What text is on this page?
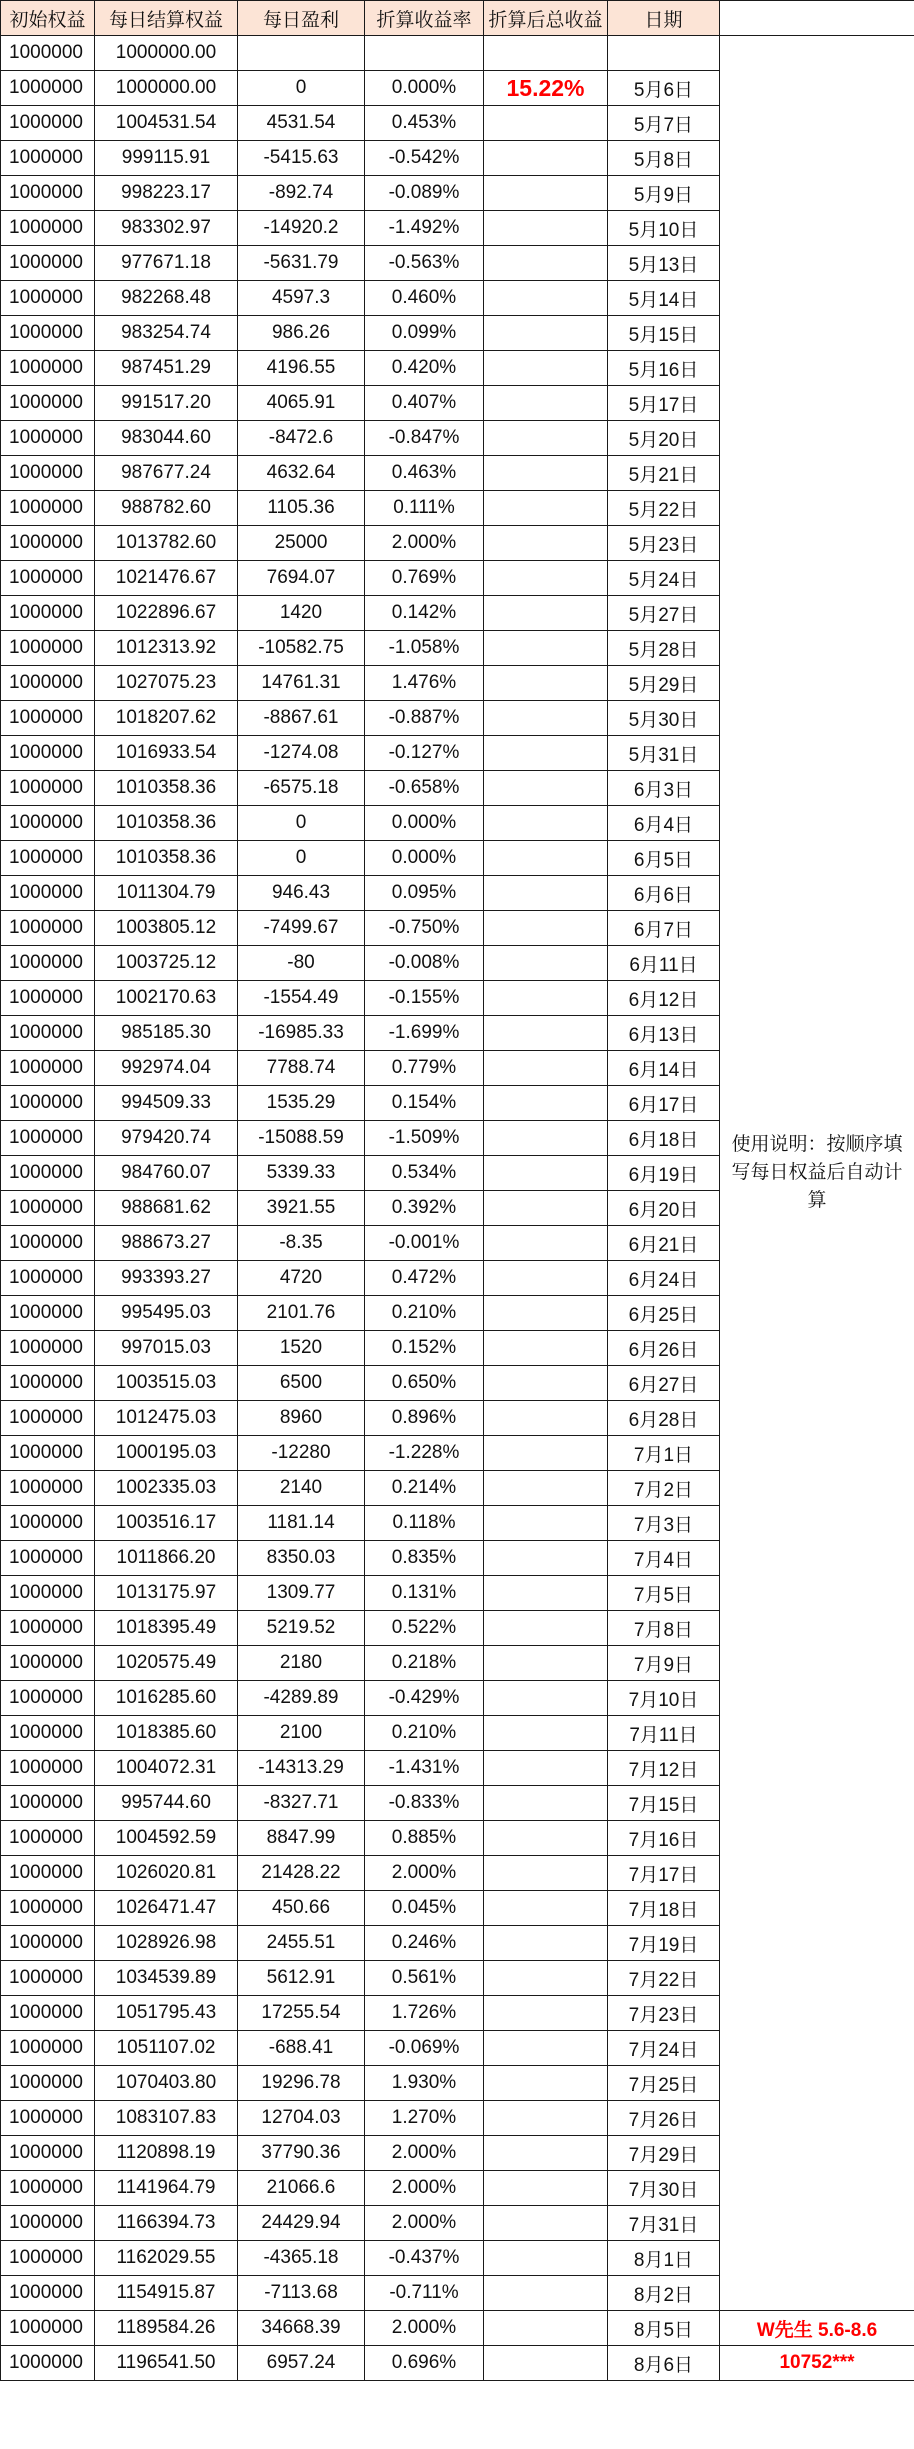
初始权益	每日结算权益	每日盈利	折算收益率	折算后总收益	日期	
1000000	1000000.00					使用说明：按顺序填写每日权益后自动计算
1000000	1000000.00	0	0.000%	15.22%	5月6日	
1000000	1004531.54	4531.54	0.453%		5月7日	
1000000	999115.91	-5415.63	-0.542%		5月8日	
1000000	998223.17	-892.74	-0.089%		5月9日	
1000000	983302.97	-14920.2	-1.492%		5月10日	
1000000	977671.18	-5631.79	-0.563%		5月13日	
1000000	982268.48	4597.3	0.460%		5月14日	
1000000	983254.74	986.26	0.099%		5月15日	
1000000	987451.29	4196.55	0.420%		5月16日	
1000000	991517.20	4065.91	0.407%		5月17日	
1000000	983044.60	-8472.6	-0.847%		5月20日	
1000000	987677.24	4632.64	0.463%		5月21日	
1000000	988782.60	1105.36	0.111%		5月22日	
1000000	1013782.60	25000	2.000%		5月23日	
1000000	1021476.67	7694.07	0.769%		5月24日	
1000000	1022896.67	1420	0.142%		5月27日	
1000000	1012313.92	-10582.75	-1.058%		5月28日	
1000000	1027075.23	14761.31	1.476%		5月29日	
1000000	1018207.62	-8867.61	-0.887%		5月30日	
1000000	1016933.54	-1274.08	-0.127%		5月31日	
1000000	1010358.36	-6575.18	-0.658%		6月3日	
1000000	1010358.36	0	0.000%		6月4日	
1000000	1010358.36	0	0.000%		6月5日	
1000000	1011304.79	946.43	0.095%		6月6日	
1000000	1003805.12	-7499.67	-0.750%		6月7日	
1000000	1003725.12	-80	-0.008%		6月11日	
1000000	1002170.63	-1554.49	-0.155%		6月12日	
1000000	985185.30	-16985.33	-1.699%		6月13日	
1000000	992974.04	7788.74	0.779%		6月14日	
1000000	994509.33	1535.29	0.154%		6月17日	
1000000	979420.74	-15088.59	-1.509%		6月18日	
1000000	984760.07	5339.33	0.534%		6月19日	
1000000	988681.62	3921.55	0.392%		6月20日	
1000000	988673.27	-8.35	-0.001%		6月21日	
1000000	993393.27	4720	0.472%		6月24日	
1000000	995495.03	2101.76	0.210%		6月25日	
1000000	997015.03	1520	0.152%		6月26日	
1000000	1003515.03	6500	0.650%		6月27日	
1000000	1012475.03	8960	0.896%		6月28日	
1000000	1000195.03	-12280	-1.228%		7月1日	
1000000	1002335.03	2140	0.214%		7月2日	
1000000	1003516.17	1181.14	0.118%		7月3日	
1000000	1011866.20	8350.03	0.835%		7月4日	
1000000	1013175.97	1309.77	0.131%		7月5日	
1000000	1018395.49	5219.52	0.522%		7月8日	
1000000	1020575.49	2180	0.218%		7月9日	
1000000	1016285.60	-4289.89	-0.429%		7月10日	
1000000	1018385.60	2100	0.210%		7月11日	
1000000	1004072.31	-14313.29	-1.431%		7月12日	
1000000	995744.60	-8327.71	-0.833%		7月15日	
1000000	1004592.59	8847.99	0.885%		7月16日	
1000000	1026020.81	21428.22	2.000%		7月17日	
1000000	1026471.47	450.66	0.045%		7月18日	
1000000	1028926.98	2455.51	0.246%		7月19日	
1000000	1034539.89	5612.91	0.561%		7月22日	
1000000	1051795.43	17255.54	1.726%		7月23日	
1000000	1051107.02	-688.41	-0.069%		7月24日	
1000000	1070403.80	19296.78	1.930%		7月25日	
1000000	1083107.83	12704.03	1.270%		7月26日	
1000000	1120898.19	37790.36	2.000%		7月29日	
1000000	1141964.79	21066.6	2.000%		7月30日	
1000000	1166394.73	24429.94	2.000%		7月31日	
1000000	1162029.55	-4365.18	-0.437%		8月1日	
1000000	1154915.87	-7113.68	-0.711%		8月2日	
1000000	1189584.26	34668.39	2.000%		8月5日	W先生 5.6-8.6
1000000	1196541.50	6957.24	0.696%		8月6日	10752***
